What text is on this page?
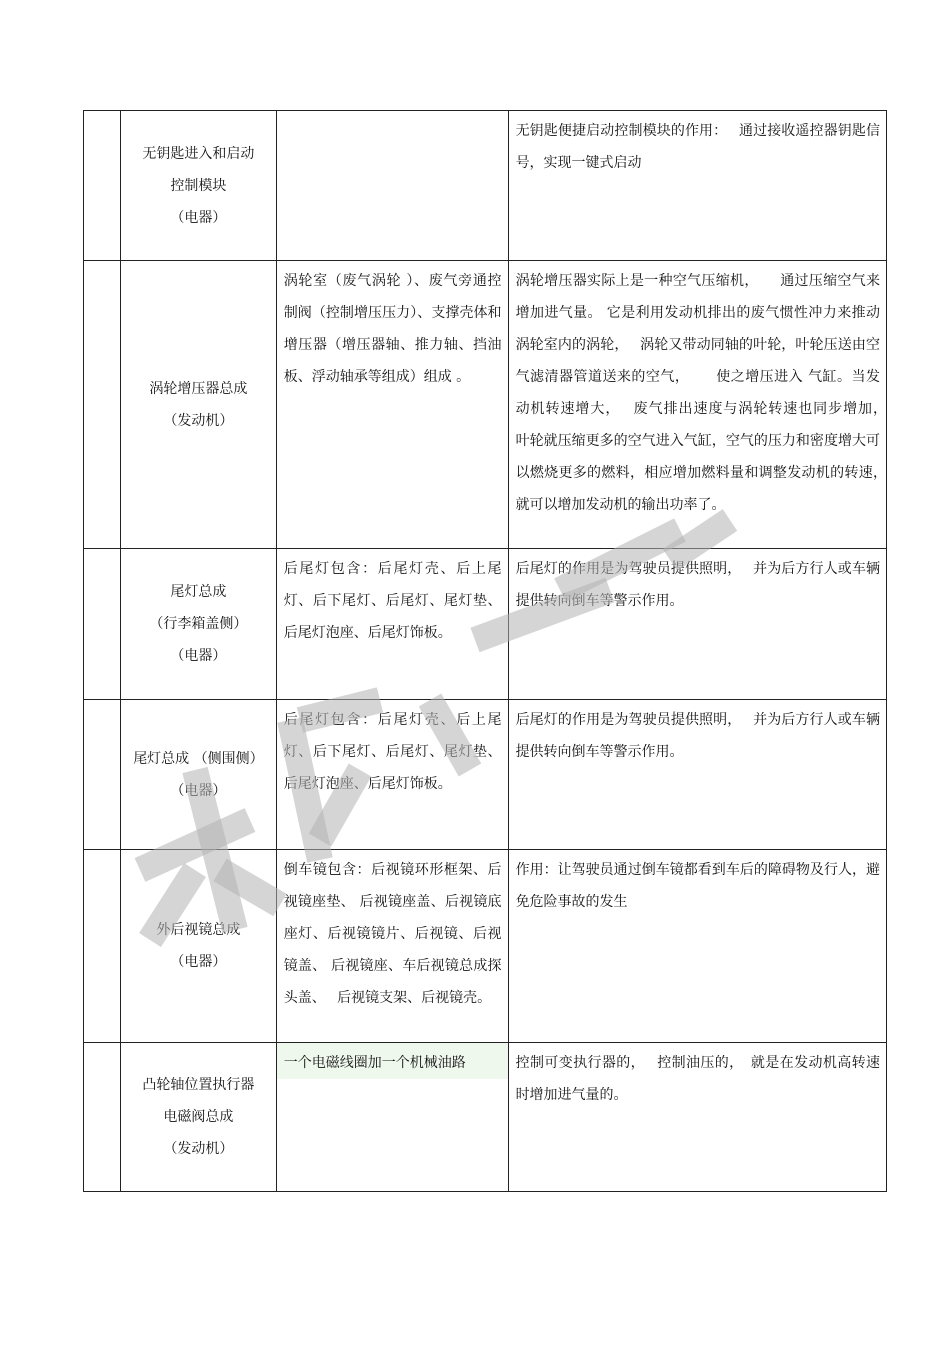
	无钥匙进入和启动
控制模块
（电器）		无钥匙便捷启动控制模块的作用：　 通过接收遥控器钥匙信号，实现一键式启动

	涡轮增压器总成
（发动机）	涡轮室（废气涡轮 ）、废气旁通控制阀（控制增压压力）、支撑壳体和 增压器（增压器轴、推力轴、挡油板、浮动轴承等组成）组成 。	涡轮增压器实际上是一种空气压缩机，　　通过压缩空气来增加进气量。 它是利用发动机排出的废气惯性冲力来推动涡轮室内的涡轮，　 涡轮又带动同轴的叶轮，叶轮压送由空气滤清器管道送来的空气，　　 使之增压进入 气缸。当发动机转速增大，　 废气排出速度与涡轮转速也同步增加，　 叶轮就压缩更多的空气进入气缸，空气的压力和密度增大可以燃烧更多的燃料，相应增加燃料量和调整发动机的转速，　　 就可以增加发动机的输出功率了。

	尾灯总成
（行李箱盖侧）
（电器）	后尾灯包含：后尾灯壳、后上尾灯、后下尾灯、后尾灯、尾灯垫、后尾灯泡座、后尾灯饰板。	后尾灯的作用是为驾驶员提供照明，　 并为后方行人或车辆提供转向倒车等警示作用。

	尾灯总成 （侧围侧）
（电器）	后尾灯包含：后尾灯壳、后上尾灯、后下尾灯、后尾灯、尾灯垫、后尾灯泡座、后尾灯饰板。	后尾灯的作用是为驾驶员提供照明，　 并为后方行人或车辆提供转向倒车等警示作用。

	外后视镜总成
（电器）	倒车镜包含：后视镜环形框架、后视镜座垫、 后视镜座盖、后视镜底座灯、后视镜镜片、后视镜、后视镜盖、 后视镜座、车后视镜总成探头盖、　 后视镜支架、后视镜壳。	作用：让驾驶员通过倒车镜都看到车后的障碍物及行人，避免危险事故的发生

	凸轮轴位置执行器
电磁阀总成
（发动机）	一个电磁线圈加一个机械油路	控制可变执行器的，　 控制油压的，　就是在发动机高转速时增加进气量的。
